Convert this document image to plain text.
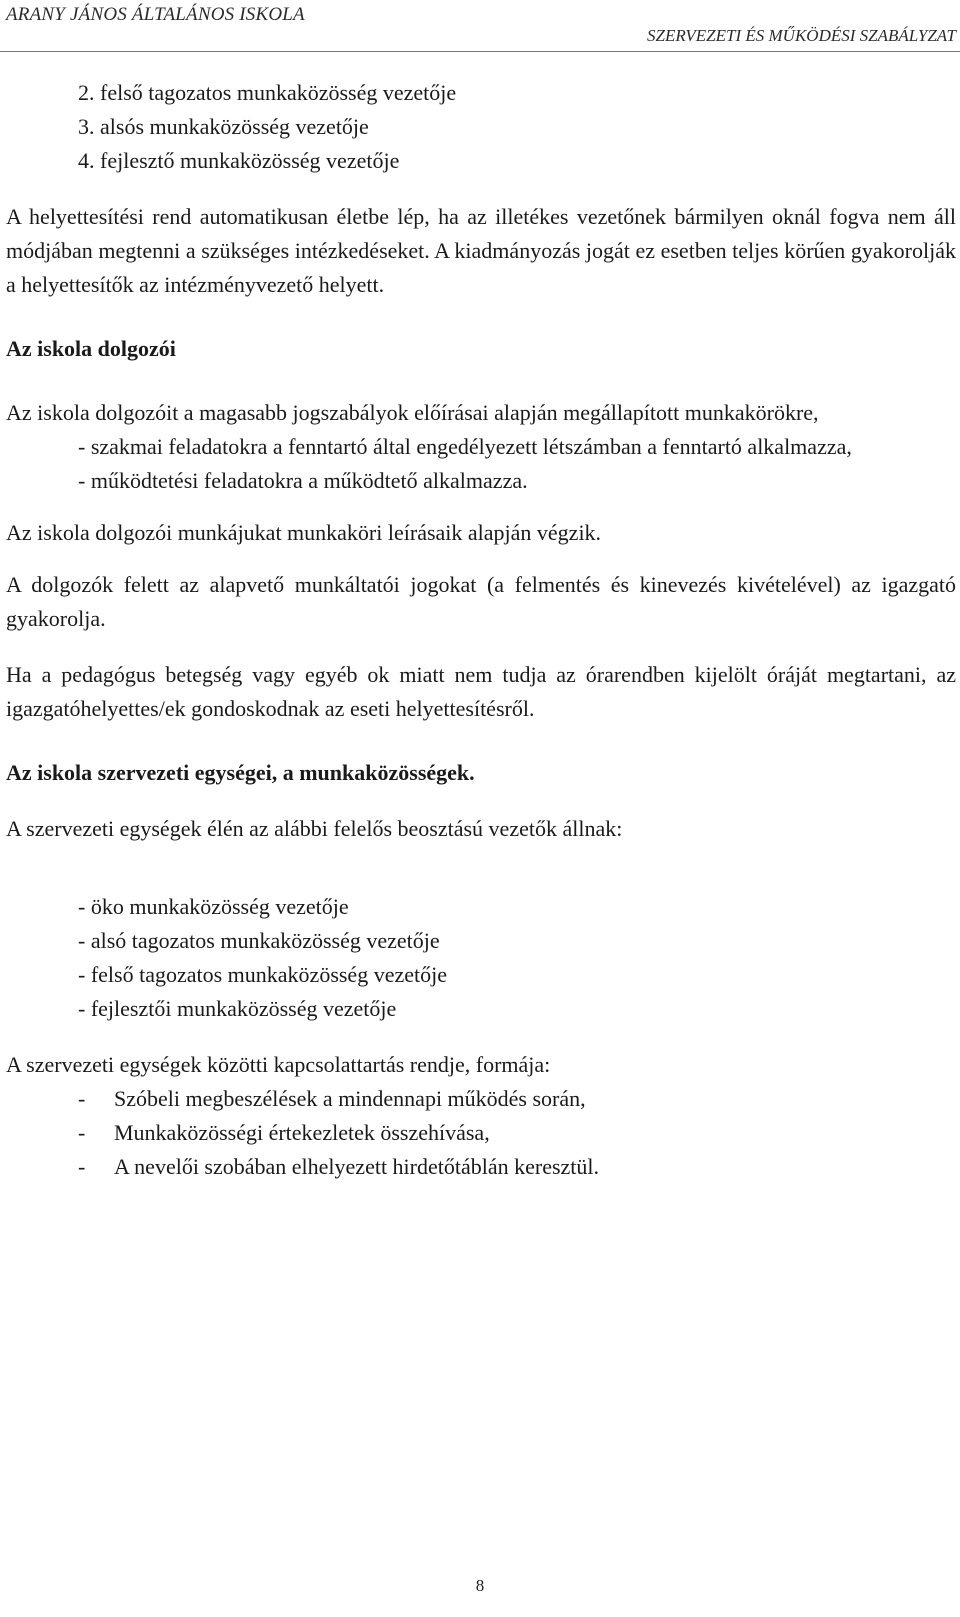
ARANY JÁNOS ÁLTALÁNOS ISKOLA
SZERVEZETI ÉS MŰKÖDÉSI SZABÁLYZAT
2. felső tagozatos munkaközösség vezetője
3. alsós munkaközösség vezetője
4. fejlesztő munkaközösség vezetője

A helyettesítési rend automatikusan életbe lép, ha az illetékes vezetőnek bármilyen oknál fogva nem áll módjában megtenni a szükséges intézkedéseket. A kiadmányozás jogát ez esetben teljes körűen gyakorolják a helyettesítők az intézményvezető helyett.

Az iskola dolgozói

Az iskola dolgozóit a magasabb jogszabályok előírásai alapján megállapított munkakörökre,

- szakmai feladatokra a fenntartó által engedélyezett létszámban a fenntartó alkalmazza,

- működtetési feladatokra a működtető alkalmazza.

Az iskola dolgozói munkájukat munkaköri leírásaik alapján végzik.

A dolgozók felett az alapvető munkáltatói jogokat (a felmentés és kinevezés kivételével) az igazgató gyakorolja.

Ha a pedagógus betegség vagy egyéb ok miatt nem tudja az órarendben kijelölt óráját megtartani, az igazgatóhelyettes/ek gondoskodnak az eseti helyettesítésről.

Az iskola szervezeti egységei, a munkaközösségek.

A szervezeti egységek élén az alábbi felelős beosztású vezetők állnak:

- öko munkaközösség vezetője

- alsó tagozatos munkaközösség vezetője

- felső tagozatos munkaközösség vezetője

- fejlesztői munkaközösség vezetője

A szervezeti egységek közötti kapcsolattartás rendje, formája:

-	Szóbeli megbeszélések a mindennapi működés során,
-	Munkaközösségi értekezletek összehívása,
-	A nevelői szobában elhelyezett hirdetőtáblán keresztül.
8
